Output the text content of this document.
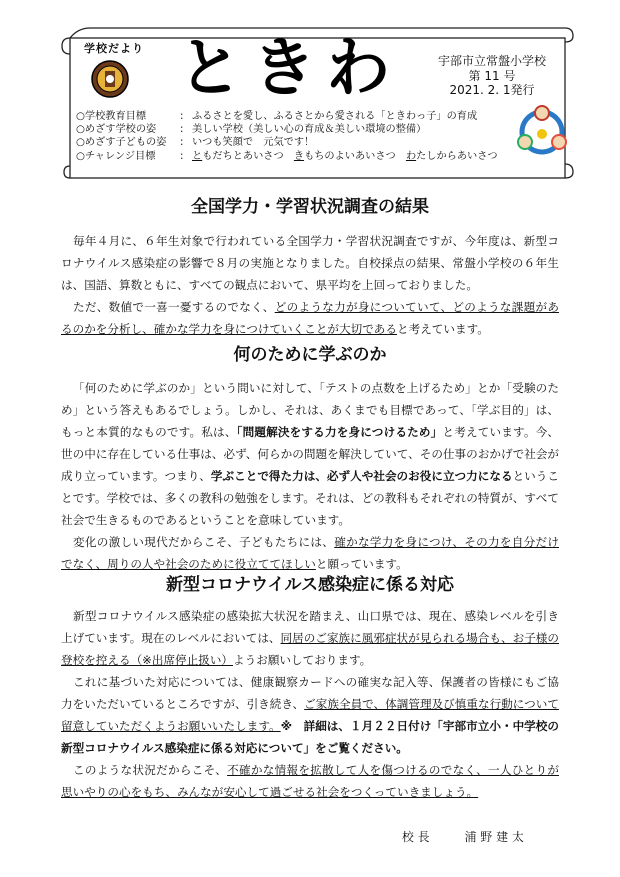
学校だより ときわ	宇部市立常盤小学校
第 11 号
2021. 2. 1発行
○学校教育目標	: ふるさとを愛し、ふるさとから愛される「ときわっ子」の育成
○めざす学校の姿 : 美しい学校（美しい心の育成＆美しい環境の整備）
○めざす子どもの姿 : いつも笑顔で　元気です！
○チャレンジ目標 : ともだちとあいさつ　きもちのよいあいさつ　わたしからあいさつ
全国学力・学習状況調査の結果

毎年４月に、６年生対象で行われている全国学力・学習状況調査ですが、今年度は、新型コロナウイルス感染症の影響で８月の実施となりました。自校採点の結果、常盤小学校の６年生は、国語、算数ともに、すべての観点において、県平均を上回っておりました。

ただ、数値で一喜一憂するのでなく、どのような力が身についていて、どのような課題があるのかを分析し、確かな学力を身につけていくことが大切であると考えています。

何のために学ぶのか

「何のために学ぶのか」という問いに対して、「テストの点数を上げるため」とか「受験のため」という答えもあるでしょう。しかし、それは、あくまでも目標であって、「学ぶ目的」は、もっと本質的なものです。私は、「問題解決をする力を身につけるため」と考えています。今、世の中に存在している仕事は、必ず、何らかの問題を解決していて、その仕事のおかげで社会が成り立っています。つまり、学ぶことで得た力は、必ず人や社会のお役に立つ力になるということです。学校では、多くの教科の勉強をします。それは、どの教科もそれぞれの特質が、すべて社会で生きるものであるということを意味しています。

変化の激しい現代だからこそ、子どもたちには、確かな学力を身につけ、その力を自分だけでなく、周りの人や社会のために役立ててほしいと願っています。

新型コロナウイルス感染症に係る対応

新型コロナウイルス感染症の感染拡大状況を踏まえ、山口県では、現在、感染レベルを引き上げています。現在のレベルにおいては、同居のご家族に風邪症状が見られる場合も、お子様の登校を控える（※出席停止扱い）ようお願いしております。

これに基づいた対応については、健康観察カードへの確実な記入等、保護者の皆様にもご協力をいただいているところですが、引き続き、ご家族全員で、体調管理及び慎重な行動について留意していただくようお願いいたします。※　詳細は、１月２２日付け「宇部市立小・中学校の新型コロナウイルス感染症に係る対応について」をご覧ください。

このような状況だからこそ、不確かな情報を拡散して人を傷つけるのでなく、一人ひとりが思いやりの心をもち、みんなが安心して過ごせる社会をつくっていきましょう。

校長	浦野建太
